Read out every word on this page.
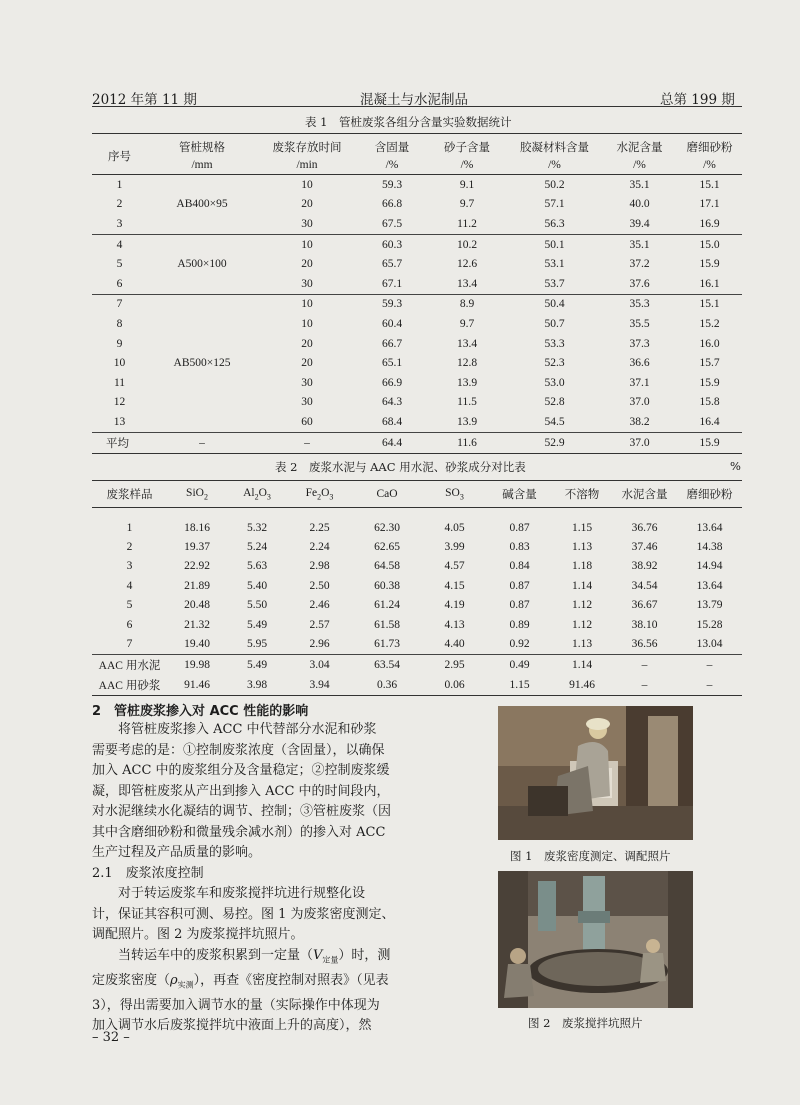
2012 年第 11 期	混凝土与水泥制品	总第 199 期
表 1　管桩废浆各组分含量实验数据统计
序号	管桩规格	废浆存放时间	含固量	砂子含量	胶凝材料含量	水泥含量	磨细砂粉
	/mm	/min	/%	/%	/%	/%	/%
1	AB400×95	10	59.3	9.1	50.2	35.1	15.1
2		20	66.8	9.7	57.1	40.0	17.1
3		30	67.5	11.2	56.3	39.4	16.9
4	A500×100	10	60.3	10.2	50.1	35.1	15.0
5		20	65.7	12.6	53.1	37.2	15.9
6		30	67.1	13.4	53.7	37.6	16.1
7	AB500×125	10	59.3	8.9	50.4	35.3	15.1
8		10	60.4	9.7	50.7	35.5	15.2
9		20	66.7	13.4	53.3	37.3	16.0
10		20	65.1	12.8	52.3	36.6	15.7
11		30	66.9	13.9	53.0	37.1	15.9
12		30	64.3	11.5	52.8	37.0	15.8
13		60	68.4	13.9	54.5	38.2	16.4
平均	–	–	64.4	11.6	52.9	37.0	15.9
表 2　废浆水泥与 AAC 用水泥、砂浆成分对比表	%
废浆样品	SiO$_2$	$Al_2O_3$	$Fe_2O_3$	CaO	$SO_3$	碱含量	不溶物	水泥含量	磨细砂粉
1	18.16	5.32	2.25	62.30	4.05	0.87	1.15	36.76	13.64
2	19.37	5.24	2.24	62.65	3.99	0.83	1.13	37.46	14.38
3	22.92	5.63	2.98	64.58	4.57	0.84	1.18	38.92	14.94
4	21.89	5.40	2.50	60.38	4.15	0.87	1.14	34.54	13.64
5	20.48	5.50	2.46	61.24	4.19	0.87	1.12	36.67	13.79
6	21.32	5.49	2.57	61.58	4.13	0.89	1.12	38.10	15.28
7	19.40	5.95	2.96	61.73	4.40	0.92	1.13	36.56	13.04
AAC 用水泥	19.98	5.49	3.04	63.54	2.95	0.49	1.14	–	–
AAC 用砂浆	91.46	3.98	3.94	0.36	0.06	1.15	91.46	–	–
2　管桩废浆掺入对 ACC 性能的影响
将管桩废浆掺入 ACC 中代替部分水泥和砂浆
需要考虑的是：①控制废浆浓度（含固量），以确保
加入 ACC 中的废浆组分及含量稳定；②控制废浆缓
凝，即管桩废浆从产出到掺入 ACC 中的时间段内，
对水泥继续水化凝结的调节、控制；③管桩废浆（因
其中含磨细砂粉和微量残余减水剂）的掺入对 ACC
生产过程及产品质量的影响。
2.1　废浆浓度控制
对于转运废浆车和废浆搅拌坑进行规整化设
计，保证其容积可测、易控。图 1 为废浆密度测定、
调配照片。图 2 为废浆搅拌坑照片。
当转运车中的废浆积累到一定量$(V_{定量})$时，测
定废浆密度$(\rho_{实测})$，再查《密度控制对照表》（见表
3），得出需要加入调节水的量（实际操作中体现为
加入调节水后废浆搅拌坑中液面上升的高度），然
– 32 –
图 1　废浆密度测定、调配照片
图 2　废浆搅拌坑照片
